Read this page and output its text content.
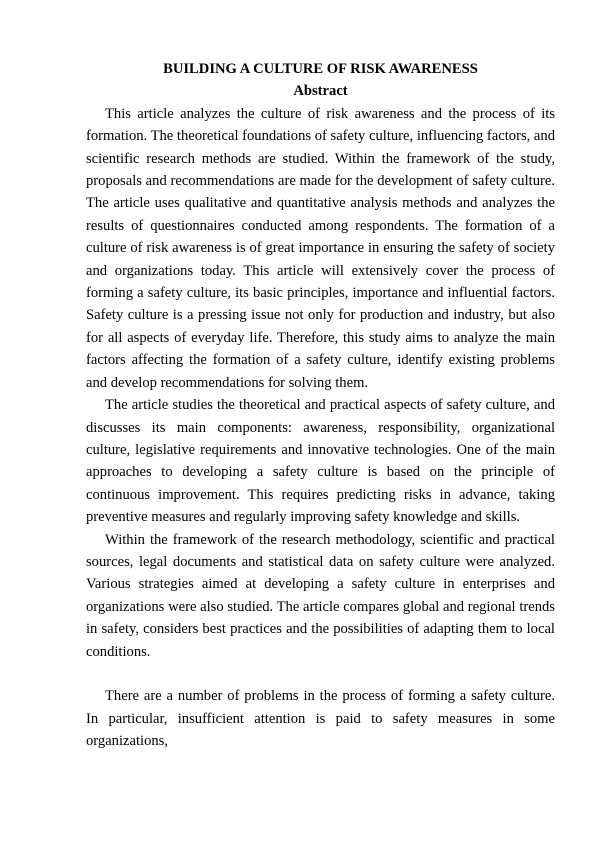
BUILDING A CULTURE OF RISK AWARENESS

Abstract

This article analyzes the culture of risk awareness and the process of its formation. The theoretical foundations of safety culture, influencing factors, and scientific research methods are studied. Within the framework of the study, proposals and recommendations are made for the development of safety culture. The article uses qualitative and quantitative analysis methods and analyzes the results of questionnaires conducted among respondents. The formation of a culture of risk awareness is of great importance in ensuring the safety of society and organizations today. This article will extensively cover the process of forming a safety culture, its basic principles, importance and influential factors. Safety culture is a pressing issue not only for production and industry, but also for all aspects of everyday life. Therefore, this study aims to analyze the main factors affecting the formation of a safety culture, identify existing problems and develop recommendations for solving them.

The article studies the theoretical and practical aspects of safety culture, and discusses its main components: awareness, responsibility, organizational culture, legislative requirements and innovative technologies. One of the main approaches to developing a safety culture is based on the principle of continuous improvement. This requires predicting risks in advance, taking preventive measures and regularly improving safety knowledge and skills.

Within the framework of the research methodology, scientific and practical sources, legal documents and statistical data on safety culture were analyzed. Various strategies aimed at developing a safety culture in enterprises and organizations were also studied. The article compares global and regional trends in safety, considers best practices and the possibilities of adapting them to local conditions.

There are a number of problems in the process of forming a safety culture. In particular, insufficient attention is paid to safety measures in some organizations,
